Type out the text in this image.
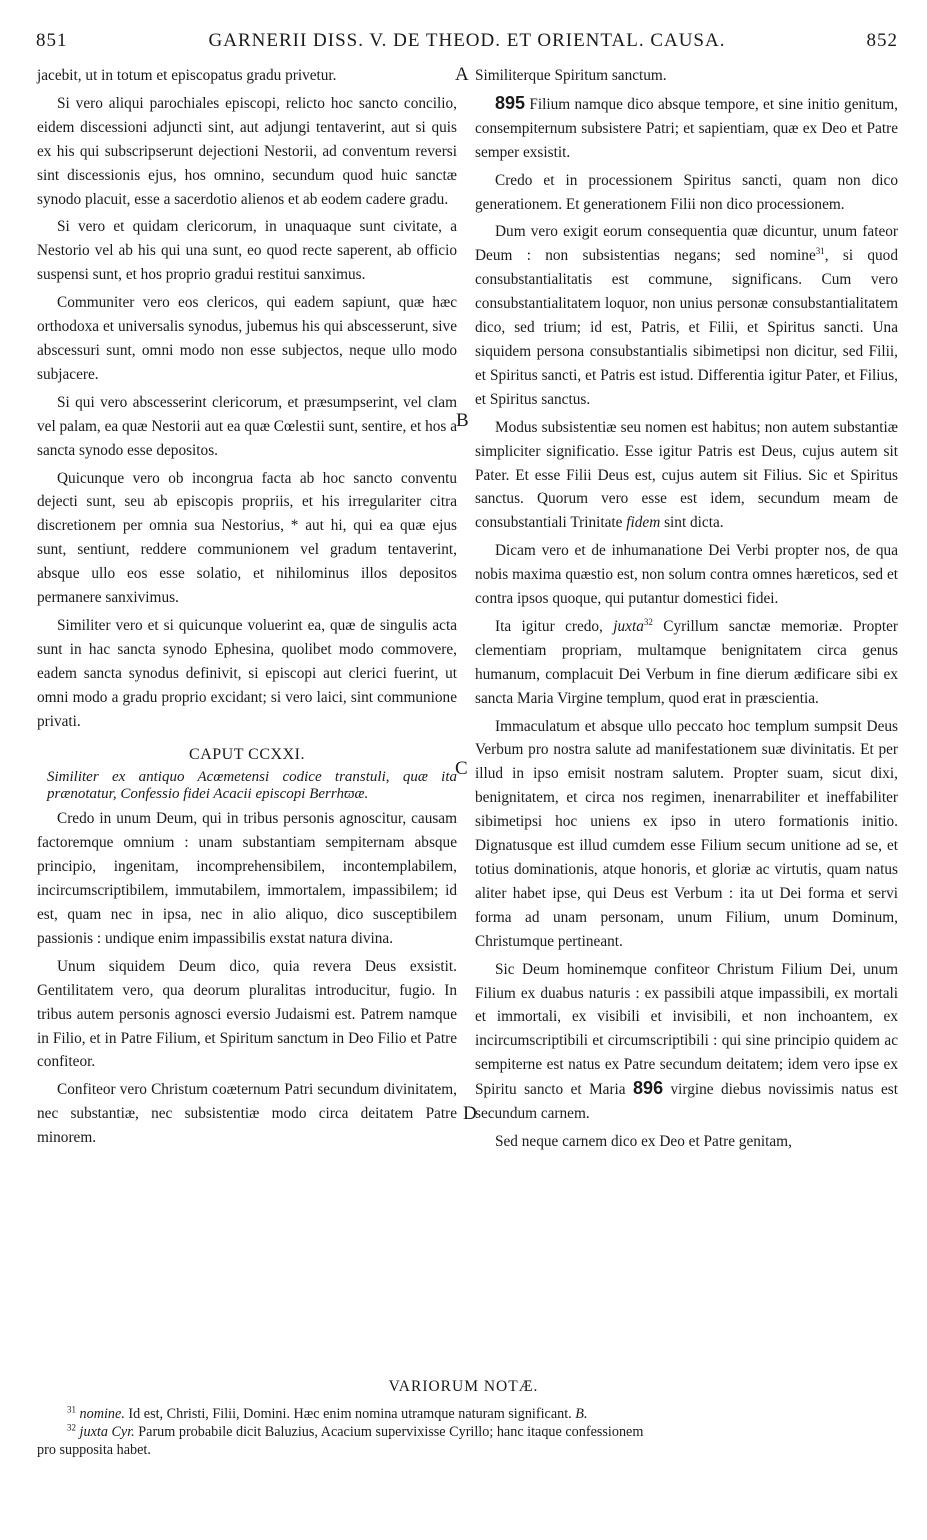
851	GARNERII DISS. V. DE THEOD. ET ORIENTAL. CAUSA.	852

jacebit, ut in totum et episcopatus gradu privetur.

Si vero aliqui parochiales episcopi, relicto hoc sancto concilio, eidem discessioni adjuncti sint, aut adjungi tentaverint, aut si quis ex his qui subscripserunt dejectioni Nestorii, ad conventum reversi sint discessionis ejus, hos omnino, secundum quod huic sanctæ synodo placuit, esse a sacerdotio alienos et ab eodem cadere gradu.

Si vero et quidam clericorum, in unaquaque sunt civitate, a Nestorio vel ab his qui una sunt, eo quod recte saperent, ab officio suspensi sunt, et hos proprio gradui restitui sanximus.

Communiter vero eos clericos, qui eadem sapiunt, quæ hæc orthodoxa et universalis synodus, jubemus his qui abscesserunt, sive abscessuri sunt, omni modo non esse subjectos, neque ullo modo subjacere.

Si qui vero abscesserint clericorum, et præsumpserint, vel clam vel palam, ea quæ Nestorii aut ea quæ Cœlestii sunt, sentire, et hos a sancta synodo esse depositos.

Quicunque vero ob incongrua facta ab hoc sancto conventu dejecti sunt, seu ab episcopis propriis, et his irregulariter citra discretionem per omnia sua Nestorius, * aut hi, qui ea quæ ejus sunt, sentiunt, reddere communionem vel gradum tentaverint, absque ullo eos esse solatio, et nihilominus illos depositos permanere sanxivimus.

Similiter vero et si quicunque voluerint ea, quæ de singulis acta sunt in hac sancta synodo Ephesina, quolibet modo commovere, eadem sancta synodus definivit, si episcopi aut clerici fuerint, ut omni modo a gradu proprio excidant; si vero laici, sint communione privati.

CAPUT CCXXI.
Similiter ex antiquo Acœmetensi codice transtuli, quæ ita prænotatur, Confessio fidei Acacii episcopi Berrhϖæ.

Credo in unum Deum, qui in tribus personis agnoscitur, causam factoremque omnium : unam substantiam sempiternam absque principio, ingenitam, incomprehensibilem, incontemplabilem, incircumscriptibilem, immutabilem, immortalem, impassibilem; id est, quam nec in ipsa, nec in alio aliquo, dico susceptibilem passionis : undique enim impassibilis exstat natura divina.

Unum siquidem Deum dico, quia revera Deus exsistit. Gentilitatem vero, qua deorum pluralitas introducitur, fugio. In tribus autem personis agnosci eversio Judaismi est. Patrem namque in Filio, et in Patre Filium, et Spiritum sanctum in Deo Filio et Patre confiteor.

Confiteor vero Christum coæternum Patri secundum divinitatem, nec substantiæ, nec subsistentiæ modo circa deitatem Patre minorem.

A
B
C
D

Similiterque Spiritum sanctum.

895 Filium namque dico absque tempore, et sine initio genitum, consempiternum subsistere Patri; et sapientiam, quæ ex Deo et Patre semper exsistit.

Credo et in processionem Spiritus sancti, quam non dico generationem. Et generationem Filii non dico processionem.

Dum vero exigit eorum consequentia quæ dicuntur, unum fateor Deum : non subsistentias negans; sed nomine$^{31}$, si quod consubstantialitatis est commune, significans. Cum vero consubstantialitatem loquor, non unius personæ consubstantialitatem dico, sed trium; id est, Patris, et Filii, et Spiritus sancti. Una siquidem persona consubstantialis sibimetipsi non dicitur, sed Filii, et Spiritus sancti, et Patris est istud. Differentia igitur Pater, et Filius, et Spiritus sanctus.

Modus subsistentiæ seu nomen est habitus; non autem substantiæ simpliciter significatio. Esse igitur Patris est Deus, cujus autem sit Pater. Et esse Filii Deus est, cujus autem sit Filius. Sic et Spiritus sanctus. Quorum vero esse est idem, secundum meam de consubstantiali Trinitate fidem sint dicta.

Dicam vero et de inhumanatione Dei Verbi propter nos, de qua nobis maxima quæstio est, non solum contra omnes hæreticos, sed et contra ipsos quoque, qui putantur domestici fidei.

Ita igitur credo, juxta$^{32}$ Cyrillum sanctæ memoriæ. Propter clementiam propriam, multamque benignitatem circa genus humanum, complacuit Dei Verbum in fine dierum ædificare sibi ex sancta Maria Virgine templum, quod erat in præscientia.

Immaculatum et absque ullo peccato hoc templum sumpsit Deus Verbum pro nostra salute ad manifestationem suæ divinitatis. Et per illud in ipso emisit nostram salutem. Propter suam, sicut dixi, benignitatem, et circa nos regimen, inenarrabiliter et ineffabiliter sibimetipsi hoc uniens ex ipso in utero formationis initio. Dignatusque est illud cumdem esse Filium secum unitione ad se, et totius dominationis, atque honoris, et gloriæ ac virtutis, quam natus aliter habet ipse, qui Deus est Verbum : ita ut Dei forma et servi forma ad unam personam, unum Filium, unum Dominum, Christumque pertineant.

Sic Deum hominemque confiteor Christum Filium Dei, unum Filium ex duabus naturis : ex passibili atque impassibili, ex mortali et immortali, ex visibili et invisibili, et non inchoantem, ex incircumscriptibili et circumscriptibili : qui sine principio quidem ac sempiterne est natus ex Patre secundum deitatem; idem vero ipse ex Spiritu sancto et Maria 896 virgine diebus novissimis natus est secundum carnem.

Sed neque carnem dico ex Deo et Patre genitam,

VARIORUM NOTÆ.

$^{31}$ nomine. Id est, Christi, Filii, Domini. Hæc enim nomina utramque naturam significant. B.

$^{32}$ juxta Cyr. Parum probabile dicit Baluzius, Acacium supervixisse Cyrillo; hanc itaque confessionem

pro supposita habet.
